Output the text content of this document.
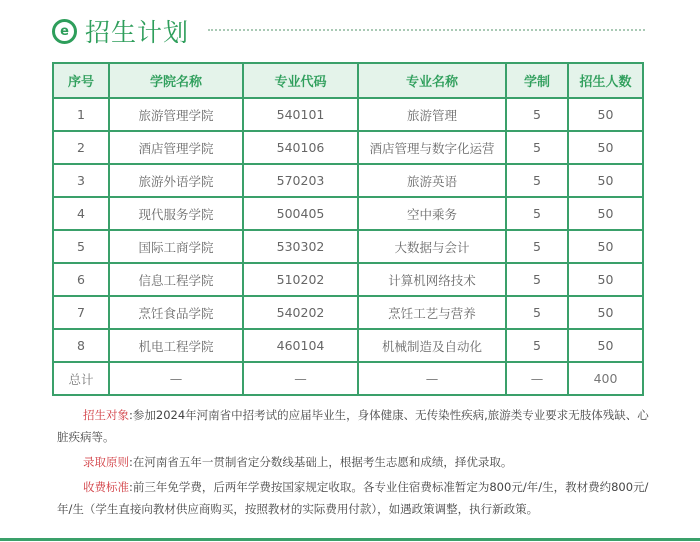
e 招生计划
序号	学院名称	专业代码	专业名称	学制	招生人数
1	旅游管理学院	540101	旅游管理	5	50
2	酒店管理学院	540106	酒店管理与数字化运营	5	50
3	旅游外语学院	570203	旅游英语	5	50
4	现代服务学院	500405	空中乘务	5	50
5	国际工商学院	530302	大数据与会计	5	50
6	信息工程学院	510202	计算机网络技术	5	50
7	烹饪食品学院	540202	烹饪工艺与营养	5	50
8	机电工程学院	460104	机械制造及自动化	5	50
总计	—	—	—	—	400

招生对象:参加2024年河南省中招考试的应届毕业生，身体健康、无传染性疾病,旅游类专业要求无肢体残缺、心脏疾病等。

录取原则:在河南省五年一贯制省定分数线基础上，根据考生志愿和成绩，择优录取。

收费标准:前三年免学费，后两年学费按国家规定收取。各专业住宿费标准暂定为800元/年/生，教材费约800元/年/生（学生直接向教材供应商购买，按照教材的实际费用付款），如遇政策调整，执行新政策。
